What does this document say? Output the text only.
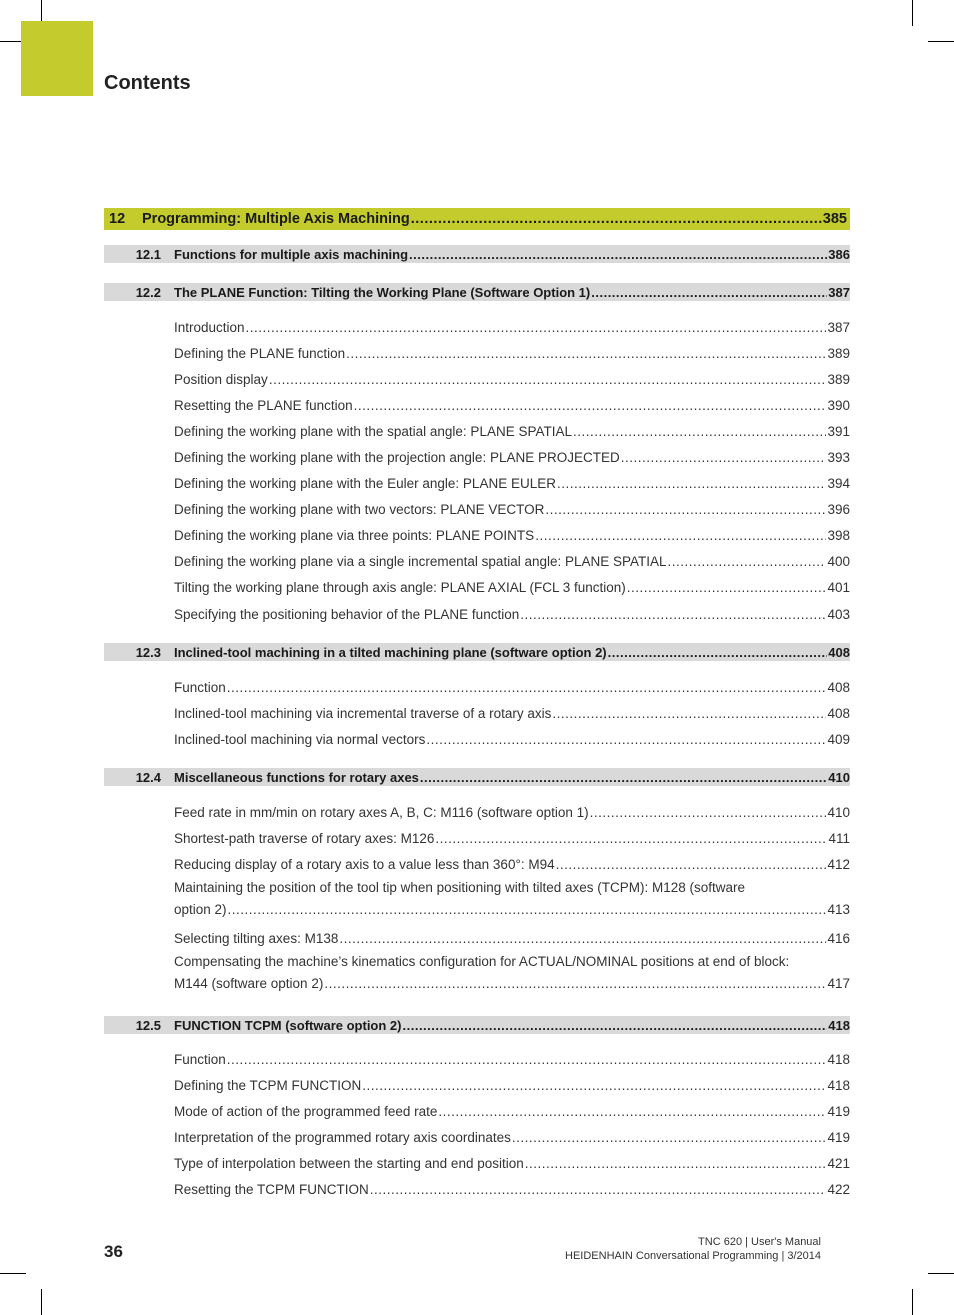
Contents
12	Programming: Multiple Axis Machining .....	385
12.1 Functions for multiple axis machining .....	386
12.2 The PLANE Function: Tilting the Working Plane (Software Option 1) .....	387
Introduction .....	387
Defining the PLANE function .....	389
Position display .....	389
Resetting the PLANE function .....	390
Defining the working plane with the spatial angle: PLANE SPATIAL .....	391
Defining the working plane with the projection angle: PLANE PROJECTED .....	393
Defining the working plane with the Euler angle: PLANE EULER .....	394
Defining the working plane with two vectors: PLANE VECTOR .....	396
Defining the working plane via three points: PLANE POINTS .....	398
Defining the working plane via a single incremental spatial angle: PLANE SPATIAL .....	400
Tilting the working plane through axis angle: PLANE AXIAL (FCL 3 function) .....	401
Specifying the positioning behavior of the PLANE function .....	403
12.3 Inclined-tool machining in a tilted machining plane (software option 2) .....	408
Function .....	408
Inclined-tool machining via incremental traverse of a rotary axis .....	408
Inclined-tool machining via normal vectors .....	409
12.4 Miscellaneous functions for rotary axes .....	410
Feed rate in mm/min on rotary axes A, B, C: M116 (software option 1) .....	410
Shortest-path traverse of rotary axes: M126 .....	411
Reducing display of a rotary axis to a value less than 360°: M94 .....	412
Maintaining the position of the tool tip when positioning with tilted axes (TCPM): M128 (software
option 2) .....	413
Selecting tilting axes: M138 .....	416
Compensating the machine’s kinematics configuration for ACTUAL/NOMINAL positions at end of block:
M144 (software option 2) .....	417
12.5 FUNCTION TCPM (software option 2) .....	418
Function .....	418
Defining the TCPM FUNCTION .....	418
Mode of action of the programmed feed rate .....	419
Interpretation of the programmed rotary axis coordinates .....	419
Type of interpolation between the starting and end position .....	421
Resetting the TCPM FUNCTION .....	422
36	TNC 620 | User's Manual
HEIDENHAIN Conversational Programming | 3/2014
